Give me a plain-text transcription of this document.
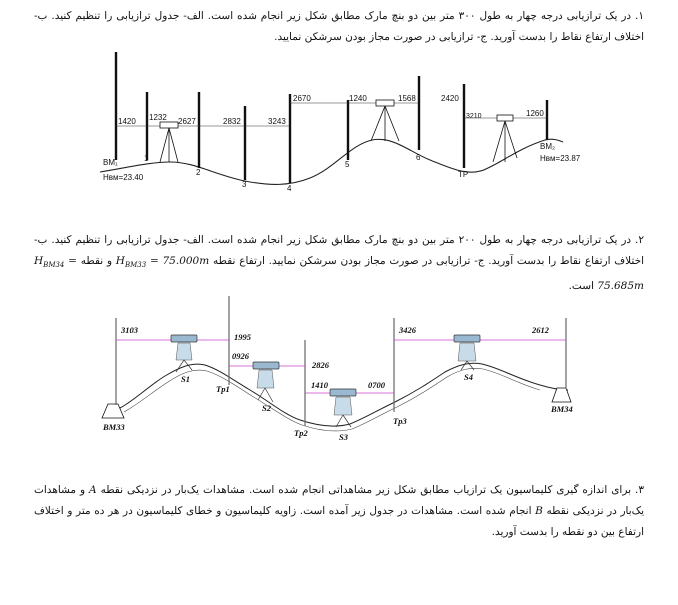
۱. در یک ترازیابی درجه چهار به طول ۳۰۰ متر بین دو بنچ مارک مطابق شکل زیر انجام شده است. الف- جدول ترازیابی را تنظیم کنید. ب- اختلاف ارتفاع نقاط را بدست آورید. ج- ترازیابی در صورت مجاز بودن سرشکن نمایید.
۲. در یک ترازیابی درجه چهار به طول ۲۰۰ متر بین دو بنچ مارک مطابق شکل زیر انجام شده است. الف- جدول ترازیابی را تنظیم کنید. ب- اختلاف ارتفاع نقاط را بدست آورید. ج- ترازیابی در صورت مجاز بودن سرشکن نمایید. ارتفاع نقطه $H_{BM33} = 75.000m$ و نقطه $H_{BM34} = 75.685m$ است.
۳. برای اندازه گیری کلیماسیون یک ترازیاب مطابق شکل زیر مشاهداتی انجام شده است. مشاهدات یک‌بار در نزدیکی نقطه A و مشاهدات یک‌بار در نزدیکی نقطه B انجام شده است. مشاهدات در جدول زیر آمده است. زاویه کلیماسیون و خطای کلیماسیون در هر ده متر و اختلاف ارتفاع بین دو نقطه را بدست آورید.
1420 1232 2627	2832	3243
2670	1240	1568	2420
3210	1260
1
2
3	4
5
6
TP
BM₁
Hʙᴍ=23.40
BM₂
Hʙᴍ=23.87
3103
1995
0926
2826
1410	0700
3426	2612
S1
S2
S3
S4
Tp1
Tp2
Tp3
BM33
BM34
